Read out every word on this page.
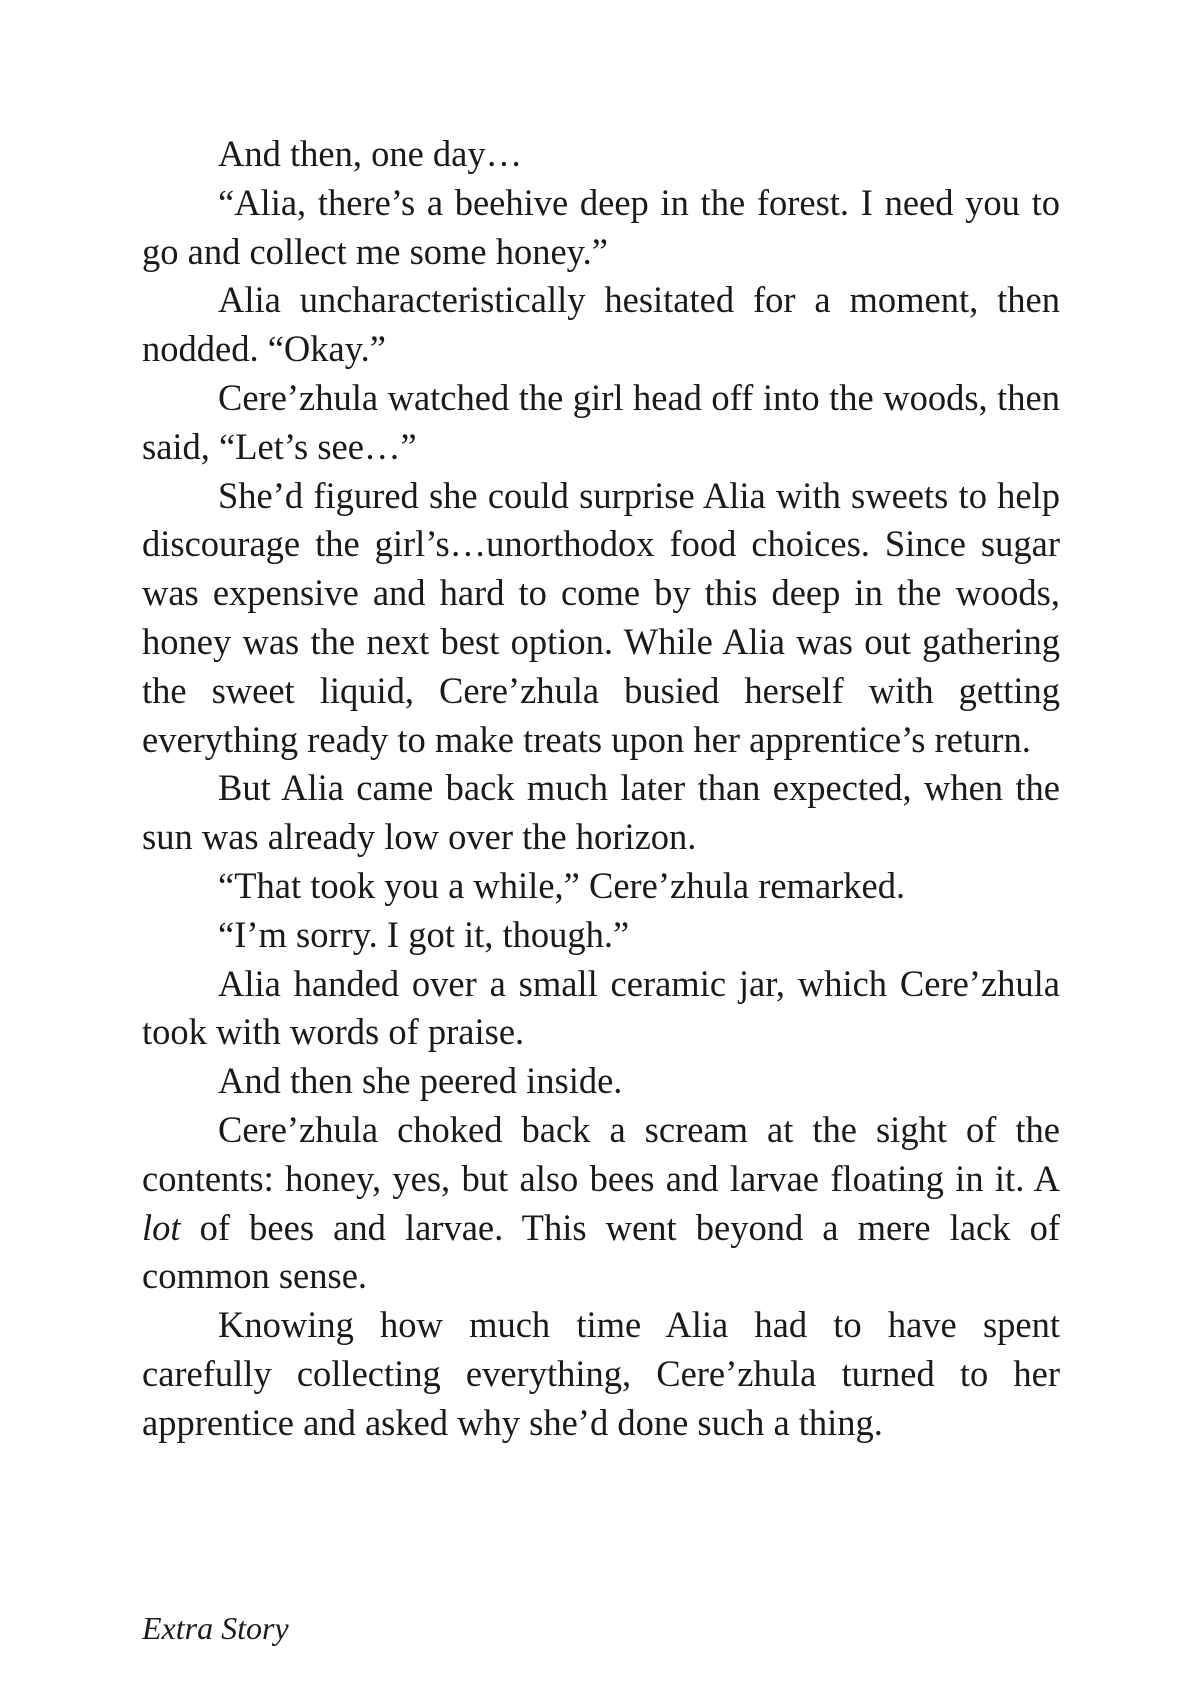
And then, one day…

“Alia, there’s a beehive deep in the forest. I need you to go and collect me some honey.”

Alia uncharacteristically hesitated for a moment, then nodded. “Okay.”

Cere’zhula watched the girl head off into the woods, then said, “Let’s see…”

She’d figured she could surprise Alia with sweets to help discourage the girl’s…unorthodox food choices. Since sugar was expensive and hard to come by this deep in the woods, honey was the next best option. While Alia was out gathering the sweet liquid, Cere’zhula busied herself with getting everything ready to make treats upon her apprentice’s return.

But Alia came back much later than expected, when the sun was already low over the horizon.

“That took you a while,” Cere’zhula remarked.

“I’m sorry. I got it, though.”

Alia handed over a small ceramic jar, which Cere’zhula took with words of praise.

And then she peered inside.

Cere’zhula choked back a scream at the sight of the contents: honey, yes, but also bees and larvae floating in it. A lot of bees and larvae. This went beyond a mere lack of common sense.

Knowing how much time Alia had to have spent carefully collecting everything, Cere’zhula turned to her apprentice and asked why she’d done such a thing.

Extra Story
